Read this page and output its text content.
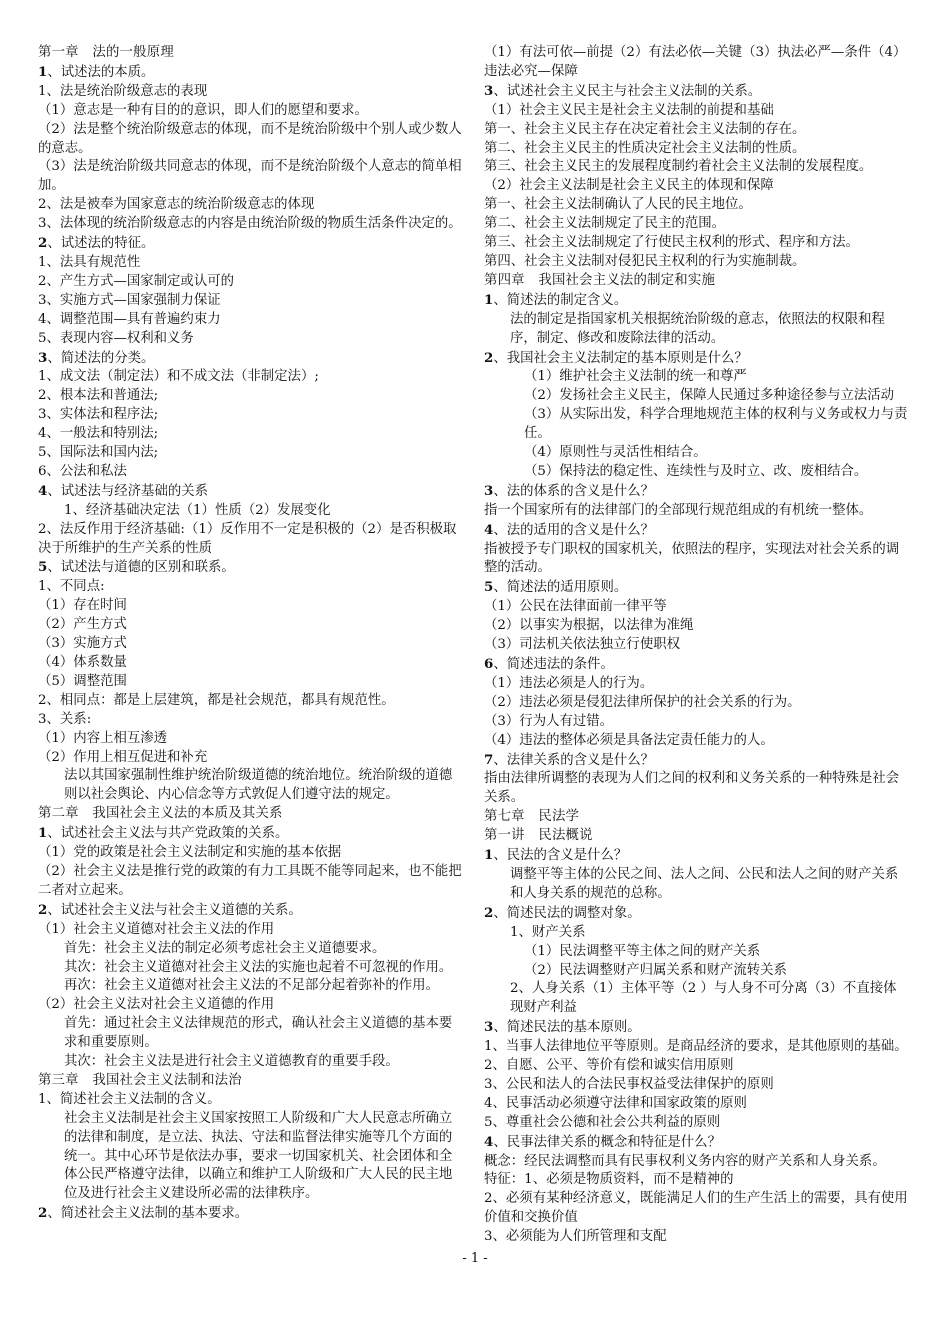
第一章　法的一般原理
1、试述法的本质。
1、法是统治阶级意志的表现
（1）意志是一种有目的的意识，即人们的愿望和要求。
（2）法是整个统治阶级意志的体现，而不是统治阶级中个别人或少数人的意志。
（3）法是统治阶级共同意志的体现，而不是统治阶级个人意志的简单相加。
2、法是被奉为国家意志的统治阶级意志的体现
3、法体现的统治阶级意志的内容是由统治阶级的物质生活条件决定的。
2、试述法的特征。
1、法具有规范性
2、产生方式—国家制定或认可的
3、实施方式—国家强制力保证
4、调整范围—具有普遍约束力
5、表现内容—权利和义务
3、简述法的分类。
1、成文法（制定法）和不成文法（非制定法）;
2、根本法和普通法;
3、实体法和程序法;
4、一般法和特别法;
5、国际法和国内法;
6、公法和私法
4、试述法与经济基础的关系
1、经济基础决定法（1）性质（2）发展变化
2、法反作用于经济基础:（1）反作用不一定是积极的（2）是否积极取决于所维护的生产关系的性质
5、试述法与道德的区别和联系。
1、不同点:
（1）存在时间
（2）产生方式
（3）实施方式
（4）体系数量
（5）调整范围
2、相同点：都是上层建筑，都是社会规范，都具有规范性。
3、关系:
（1）内容上相互渗透
（2）作用上相互促进和补充
法以其国家强制性维护统治阶级道德的统治地位。统治阶级的道德则以社会舆论、内心信念等方式敦促人们遵守法的规定。
第二章　我国社会主义法的本质及其关系
1、试述社会主义法与共产党政策的关系。
（1）党的政策是社会主义法制定和实施的基本依据
（2）社会主义法是推行党的政策的有力工具既不能等同起来，也不能把二者对立起来。
2、试述社会主义法与社会主义道德的关系。
（1）社会主义道德对社会主义法的作用
首先：社会主义法的制定必须考虑社会主义道德要求。
其次：社会主义道德对社会主义法的实施也起着不可忽视的作用。
再次：社会主义道德对社会主义法的不足部分起着弥补的作用。
（2）社会主义法对社会主义道德的作用
首先：通过社会主义法律规范的形式，确认社会主义道德的基本要求和重要原则。
其次：社会主义法是进行社会主义道德教育的重要手段。
第三章　我国社会主义法制和法治
1、简述社会主义法制的含义。
社会主义法制是社会主义国家按照工人阶级和广大人民意志所确立的法律和制度，是立法、执法、守法和监督法律实施等几个方面的统一。其中心环节是依法办事，要求一切国家机关、社会团体和全体公民严格遵守法律，以确立和维护工人阶级和广大人民的民主地位及进行社会主义建设所必需的法律秩序。
2、简述社会主义法制的基本要求。
（1）有法可依—前提（2）有法必依—关键（3）执法必严—条件（4）违法必究—保障
3、试述社会主义民主与社会主义法制的关系。
（1）社会主义民主是社会主义法制的前提和基础
第一、社会主义民主存在决定着社会主义法制的存在。
第二、社会主义民主的性质决定社会主义法制的性质。
第三、社会主义民主的发展程度制约着社会主义法制的发展程度。
（2）社会主义法制是社会主义民主的体现和保障
第一、社会主义法制确认了人民的民主地位。
第二、社会主义法制规定了民主的范围。
第三、社会主义法制规定了行使民主权利的形式、程序和方法。
第四、社会主义法制对侵犯民主权利的行为实施制裁。
第四章　我国社会主义法的制定和实施
1、简述法的制定含义。
法的制定是指国家机关根据统治阶级的意志，依照法的权限和程序，制定、修改和废除法律的活动。
2、我国社会主义法制定的基本原则是什么？
（1）维护社会主义法制的统一和尊严
（2）发扬社会主义民主，保障人民通过多种途径参与立法活动
（3）从实际出发，科学合理地规范主体的权利与义务或权力与责任。
（4）原则性与灵活性相结合。
（5）保持法的稳定性、连续性与及时立、改、废相结合。
3、法的体系的含义是什么？
指一个国家所有的法律部门的全部现行规范组成的有机统一整体。
4、法的适用的含义是什么？
指被授予专门职权的国家机关，依照法的程序，实现法对社会关系的调整的活动。
5、简述法的适用原则。
（1）公民在法律面前一律平等
（2）以事实为根据，以法律为准绳
（3）司法机关依法独立行使职权
6、简述违法的条件。
（1）违法必须是人的行为。
（2）违法必须是侵犯法律所保护的社会关系的行为。
（3）行为人有过错。
（4）违法的整体必须是具备法定责任能力的人。
7、法律关系的含义是什么？
指由法律所调整的表现为人们之间的权利和义务关系的一种特殊是社会关系。
第七章　民法学
第一讲　民法概说
1、民法的含义是什么？
调整平等主体的公民之间、法人之间、公民和法人之间的财产关系和人身关系的规范的总称。
2、简述民法的调整对象。
1、财产关系
（1）民法调整平等主体之间的财产关系
（2）民法调整财产归属关系和财产流转关系
2、人身关系（1）主体平等（2 ）与人身不可分离（3）不直接体现财产利益
3、简述民法的基本原则。
1、当事人法律地位平等原则。是商品经济的要求，是其他原则的基础。
2、自愿、公平、等价有偿和诚实信用原则
3、公民和法人的合法民事权益受法律保护的原则
4、民事活动必须遵守法律和国家政策的原则
5、尊重社会公德和社会公共利益的原则
4、民事法律关系的概念和特征是什么？
概念：经民法调整而具有民事权利义务内容的财产关系和人身关系。
特征：1、必须是物质资料，而不是精神的
2、必须有某种经济意义，既能满足人们的生产生活上的需要，具有使用价值和交换价值
3、必须能为人们所管理和支配
- 1 -
